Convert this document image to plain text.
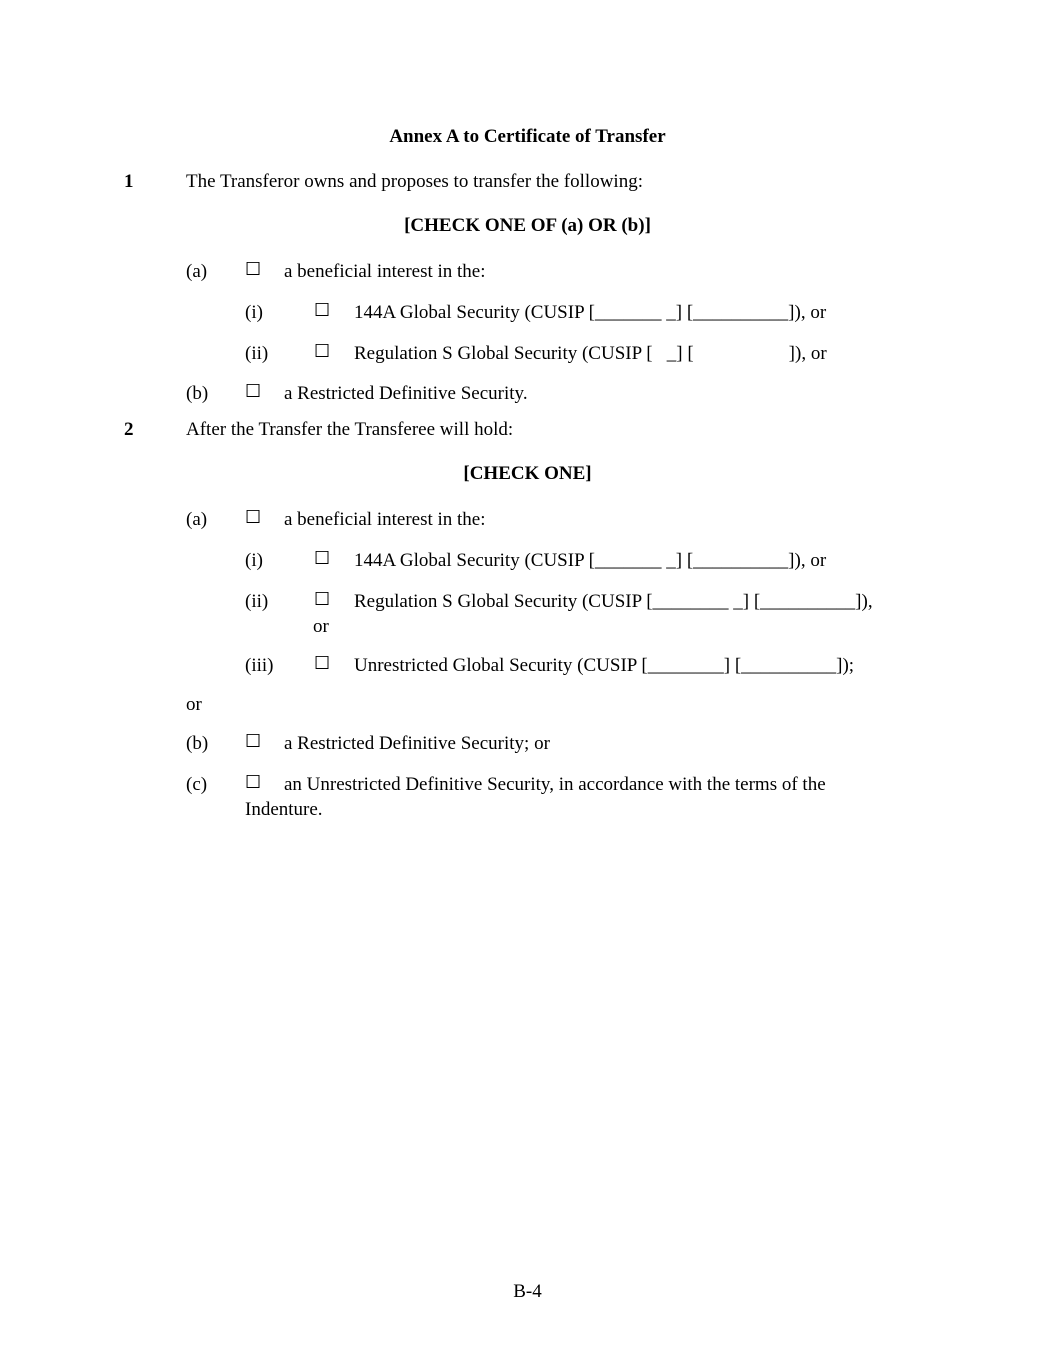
Annex A to Certificate of Transfer
1	The Transferor owns and proposes to transfer the following:
[CHECK ONE OF (a) OR (b)]
(a) ☐ a beneficial interest in the:
(i)	☐ 144A Global Security (CUSIP [_______ _] [__________]), or
(ii)	☐ Regulation S Global Security (CUSIP [   _] [                    ]), or
(b) ☐ a Restricted Definitive Security.
2	After the Transfer the Transferee will hold:
[CHECK ONE]
(a) ☐ a beneficial interest in the:
(i)	☐ 144A Global Security (CUSIP [_______ _] [__________]), or
(ii)	☐ Regulation S Global Security (CUSIP [________ _] [__________]),
or
(iii) ☐ Unrestricted Global Security (CUSIP [________] [__________]);
or
(b) ☐ a Restricted Definitive Security; or
(c) ☐ an Unrestricted Definitive Security, in accordance with the terms of the
Indenture.
B-4
